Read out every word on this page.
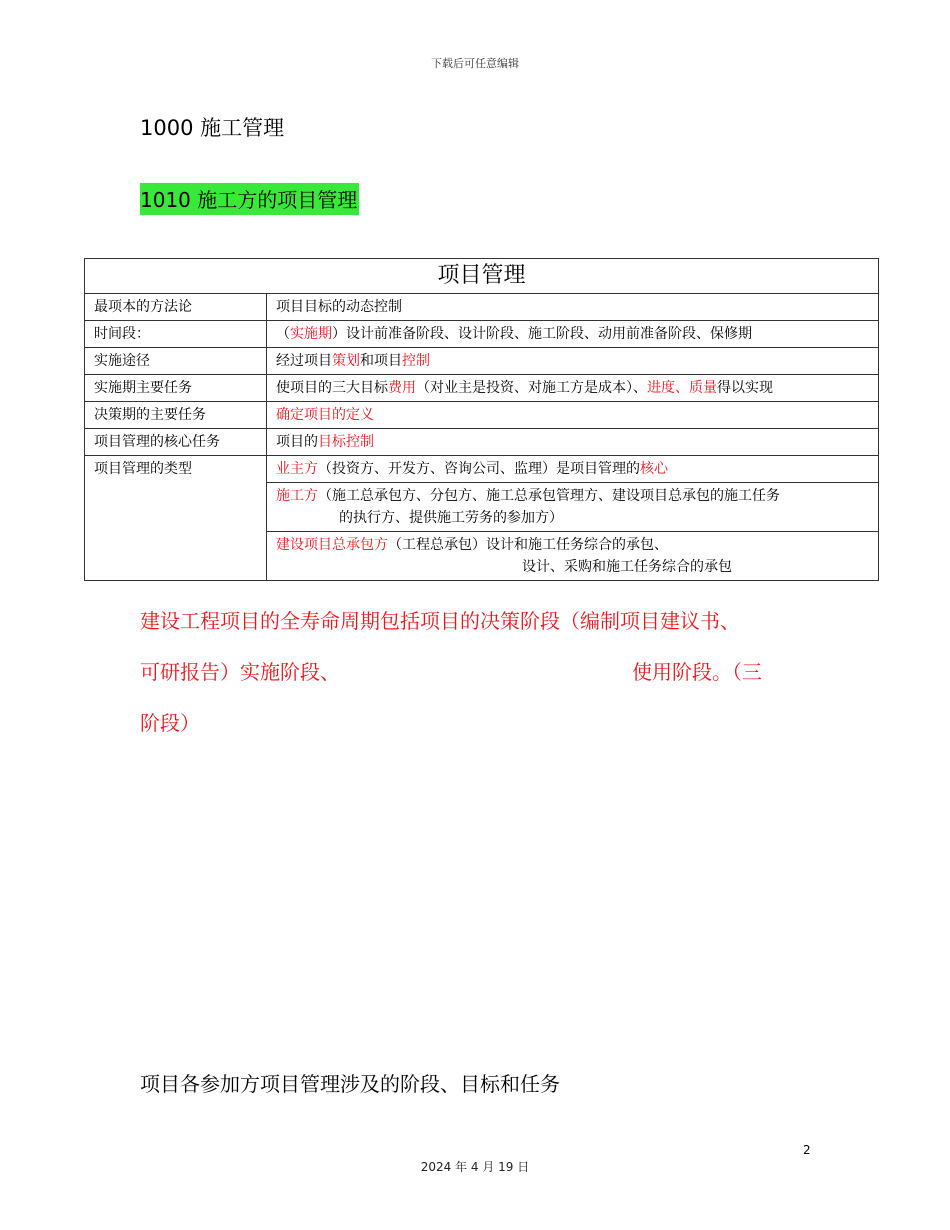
下载后可任意编辑
1000 施工管理
1010 施工方的项目管理
项目管理	
最项本的方法论	项目目标的动态控制
时间段：	（实施期）设计前准备阶段、设计阶段、施工阶段、动用前准备阶段、保修期
实施途径	经过项目策划和项目控制
实施期主要任务	使项目的三大目标费用（对业主是投资、对施工方是成本）、进度、质量得以实现
决策期的主要任务	确定项目的定义
项目管理的核心任务	项目的目标控制
项目管理的类型	业主方（投资方、开发方、咨询公司、监理）是项目管理的核心

	施工方（施工总承包方、分包方、施工总承包管理方、建设项目总承包的施工任务
的执行方、提供施工劳务的参加方）

	建设项目总承包方（工程总承包）设计和施工任务综合的承包、
设计、采购和施工任务综合的承包
建设工程项目的全寿命周期包括项目的决策阶段（编制项目建议书、
可研报告）实施阶段、	使用阶段。（三
阶段）
项目各参加方项目管理涉及的阶段、目标和任务
2
2024 年 4 月 19 日
